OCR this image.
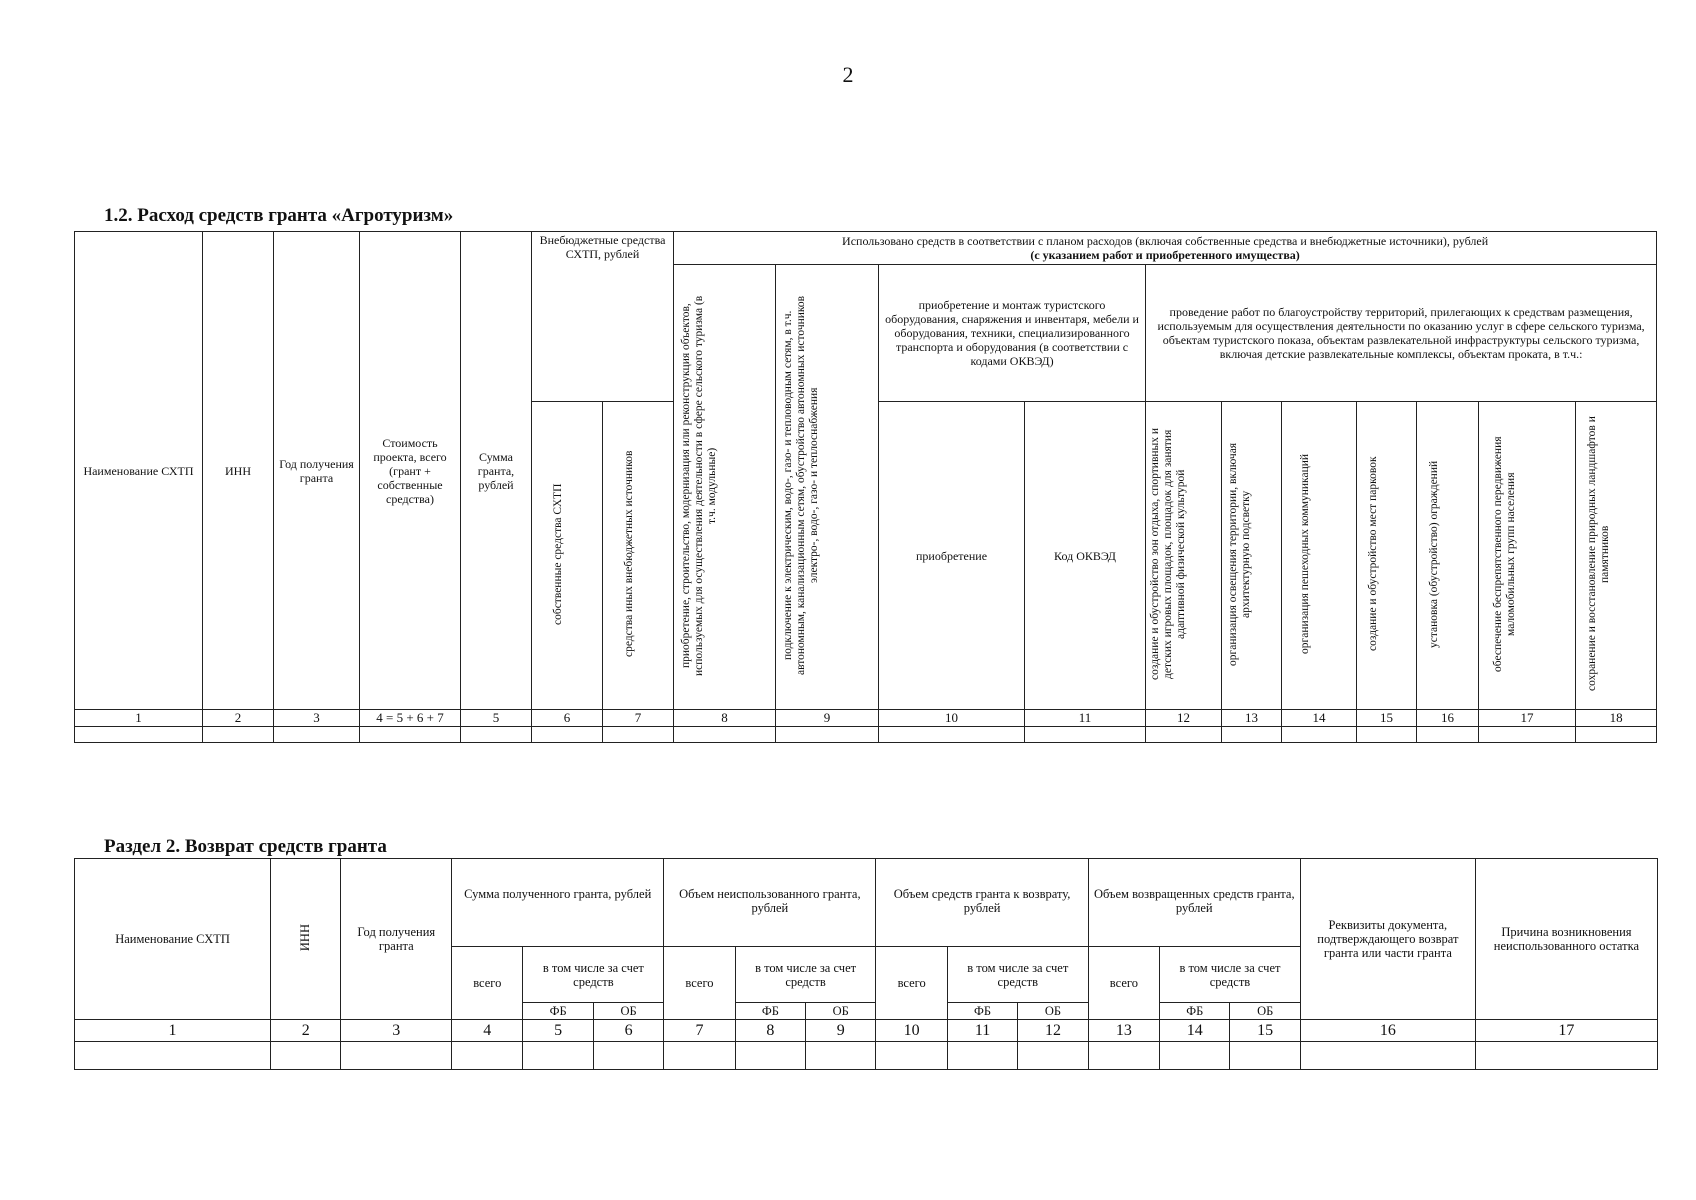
2
1.2. Расход средств гранта «Агротуризм»
Наименование СХТП	ИНН	Год получения гранта	Стоимость проекта, всего (грант + собственные средства)	Сумма гранта, рублей	Внебюджетные средства СХТП, рублей		Использовано средств в соответствии с планом расходов (включая собственные средства и внебюджетные источники), рублей
(с указанием работ и приобретенного имущества)										

							приобретение, строительство, модернизация или реконструкция объектов, используемых для осуществления деятельности в сфере сельского туризма (в т.ч. модульные)	подключение к электрическим, водо-, газо- и тепловодным сетям, в т.ч. автономным, канализационным сетям, обустройство автономных источников электро-, водо-, газо- и теплоснабжения	приобретение и монтаж туристского оборудования, снаряжения и инвентаря, мебели и оборудования, техники, специализированного транспорта и оборудования (в соответствии с кодами ОКВЭД)		проведение работ по благоустройству территорий, прилегающих к средствам размещения, используемым для осуществления деятельности по оказанию услуг в сфере сельского туризма, объектам туристского показа, объектам развлекательной инфраструктуры сельского туризма, включая детские развлекательные комплексы, объектам проката, в т.ч.:						
					собственные средства СХТП	средства иных внебюджетных источников			приобретение	Код ОКВЭД	создание и обустройство зон отдыха, спортивных и детских игровых площадок, площадок для занятия адаптивной физической культурой	организация освещения территории, включая архитектурную подсветку	организация пешеходных коммуникаций	создание и обустройство мест парковок	установка (обустройство) ограждений	обеспечение беспрепятственного передвижения маломобильных групп населения	сохранение и восстановление природных ландшафтов и памятников
1	2	3	4 = 5 + 6 + 7	5	6	7	8	9	10	11	12	13	14	15	16	17	18

Раздел 2. Возврат средств гранта
Наименование СХТП	ИНН	Год получения гранта	Сумма полученного гранта, рублей			Объем неиспользованного гранта, рублей			Объем средств гранта к возврату, рублей			Объем возвращенных средств гранта, рублей			Реквизиты документа, подтверждающего возврат гранта или части гранта	Причина возникновения неиспользованного остатка
			всего	в том числе за счет средств		всего	в том числе за счет средств		всего	в том числе за счет средств		всего	в том числе за счет средств			
				ФБ	ОБ		ФБ	ОБ		ФБ	ОБ		ФБ	ОБ		
1	2	3	4	5	6	7	8	9	10	11	12	13	14	15	16	17
